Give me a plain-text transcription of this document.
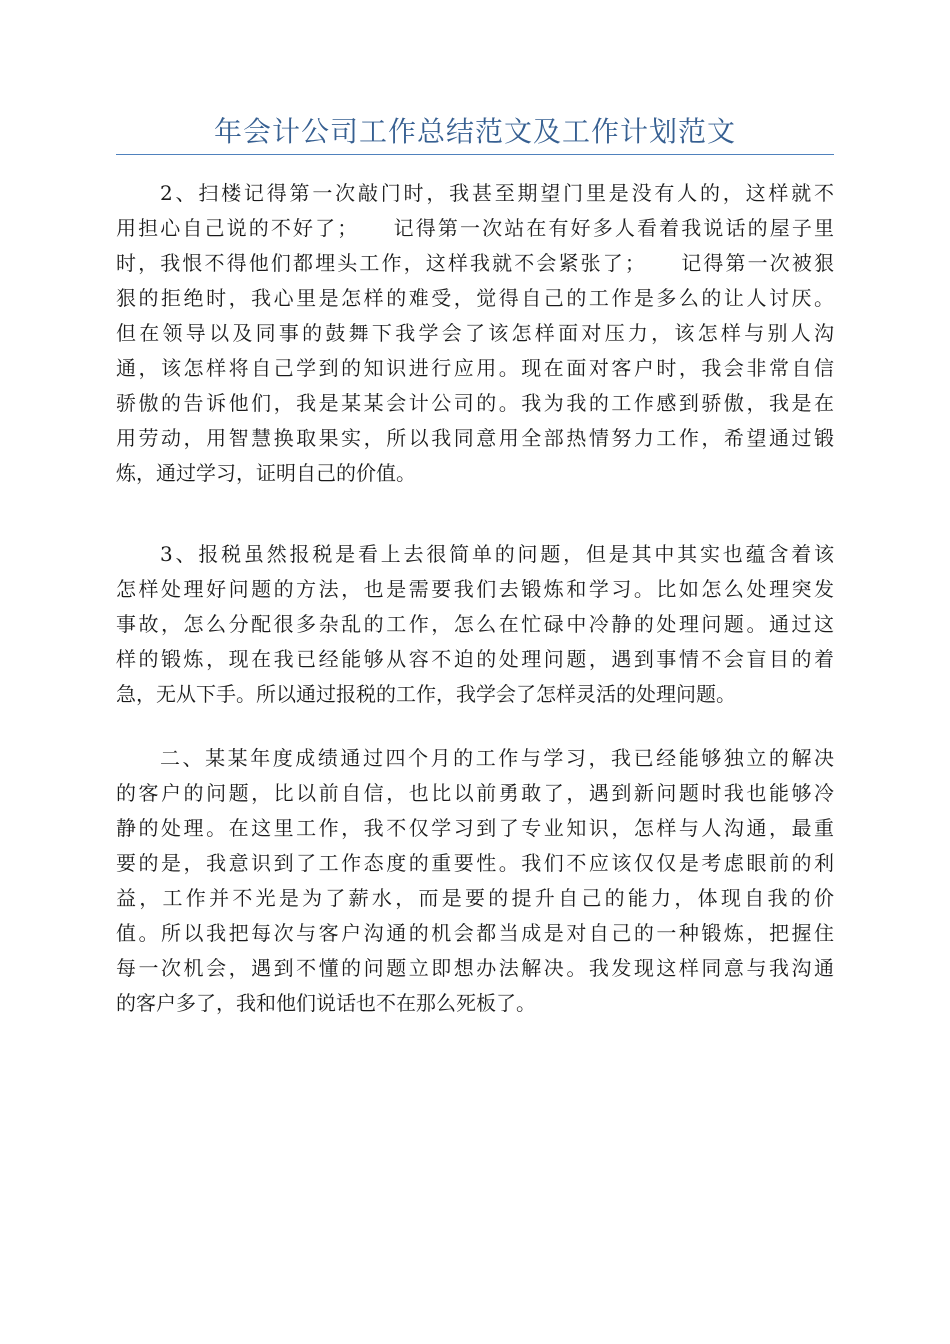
年会计公司工作总结范文及工作计划范文
2、扫楼记得第一次敲门时，我甚至期望门里是没有人的，这样就不
用担心自己说的不好了；　　记得第一次站在有好多人看着我说话的屋子里
时，我恨不得他们都埋头工作，这样我就不会紧张了；　　记得第一次被狠
狠的拒绝时，我心里是怎样的难受，觉得自己的工作是多么的让人讨厌。
但在领导以及同事的鼓舞下我学会了该怎样面对压力，该怎样与别人沟
通，该怎样将自己学到的知识进行应用。现在面对客户时，我会非常自信
骄傲的告诉他们，我是某某会计公司的。我为我的工作感到骄傲，我是在
用劳动，用智慧换取果实，所以我同意用全部热情努力工作，希望通过锻
炼，通过学习，证明自己的价值。
3、报税虽然报税是看上去很简单的问题，但是其中其实也蕴含着该
怎样处理好问题的方法，也是需要我们去锻炼和学习。比如怎么处理突发
事故，怎么分配很多杂乱的工作，怎么在忙碌中冷静的处理问题。通过这
样的锻炼，现在我已经能够从容不迫的处理问题，遇到事情不会盲目的着
急，无从下手。所以通过报税的工作，我学会了怎样灵活的处理问题。
二、某某年度成绩通过四个月的工作与学习，我已经能够独立的解决
的客户的问题，比以前自信，也比以前勇敢了，遇到新问题时我也能够冷
静的处理。在这里工作，我不仅学习到了专业知识，怎样与人沟通，最重
要的是，我意识到了工作态度的重要性。我们不应该仅仅是考虑眼前的利
益，工作并不光是为了薪水，而是要的提升自己的能力，体现自我的价
值。所以我把每次与客户沟通的机会都当成是对自己的一种锻炼，把握住
每一次机会，遇到不懂的问题立即想办法解决。我发现这样同意与我沟通
的客户多了，我和他们说话也不在那么死板了。
